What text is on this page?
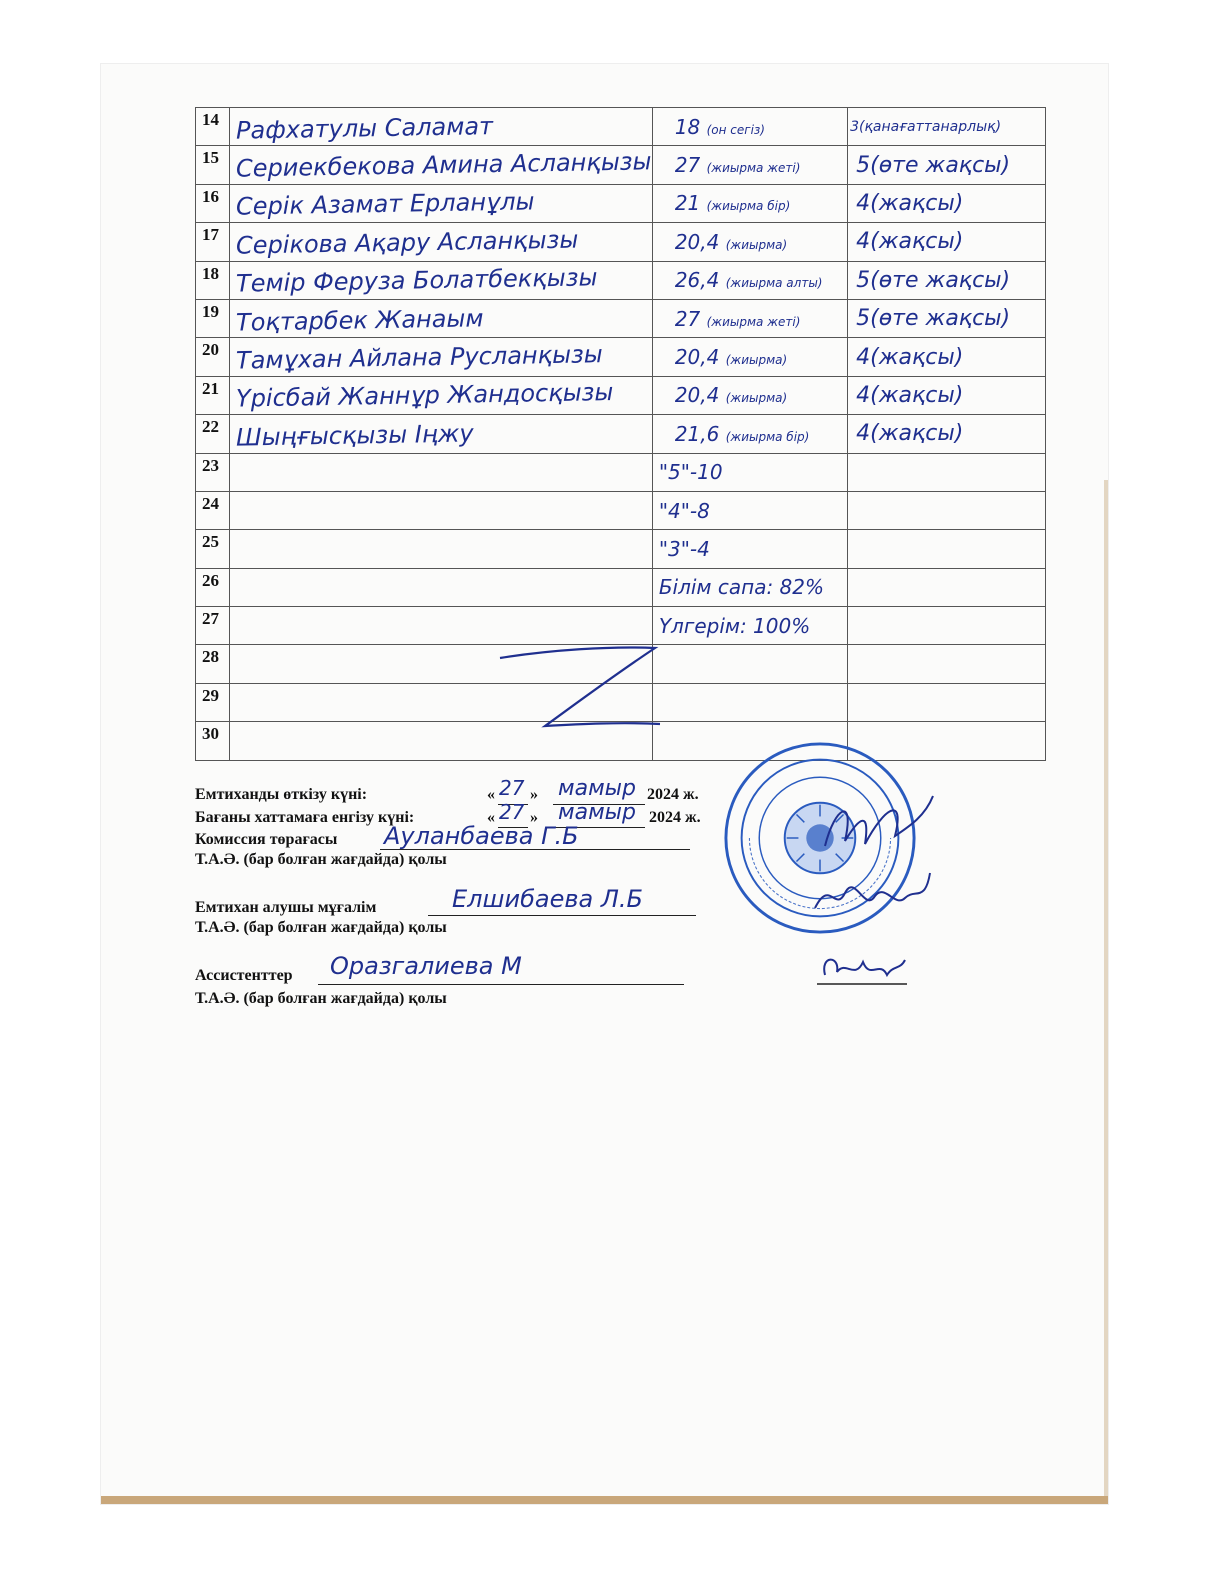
14	Рафхатулы Саламат	18 (он сегіз)	3(қанағаттанарлық)

15	Сериекбекова Амина Асланқызы	27 (жиырма жеті)	5(өте жақсы)

16	Серік Азамат Ерланұлы	21 (жиырма бір)	4(жақсы)

17	Серікова Ақару Асланқызы	20,4 (жиырма)	4(жақсы)

18	Темір Феруза Болатбекқызы	26,4 (жиырма алты)	5(өте жақсы)

19	Тоқтарбек Жанаым	27 (жиырма жеті)	5(өте жақсы)

20	Тамұхан Айлана Русланқызы	20,4 (жиырма)	4(жақсы)

21	Үрісбай Жаннұр Жандосқызы	20,4 (жиырма)	4(жақсы)

22	Шыңғысқызы Іңжу	21,6 (жиырма бір)	4(жақсы)

23		"5"-10	

24		"4"-8	

25		"3"-4	

26		Білім сапа: 82%	

27		Үлгерім: 100%	

28	

29	

30	

Емтиханды өткізу күні:	« 27 » мамыр 2024 ж.
Бағаны хаттамаға енгізу күні:	« 27 » мамыр 2024 ж.
Комиссия төрағасы Ауланбаева Г.Б
Т.А.Ә. (бар болған жағдайда) қолы
Емтихан алушы мұғалім	Елшибаева Л.Б
Т.А.Ә. (бар болған жағдайда) қолы
Ассистенттер Оразгалиева М
Т.А.Ә. (бар болған жағдайда) қолы
